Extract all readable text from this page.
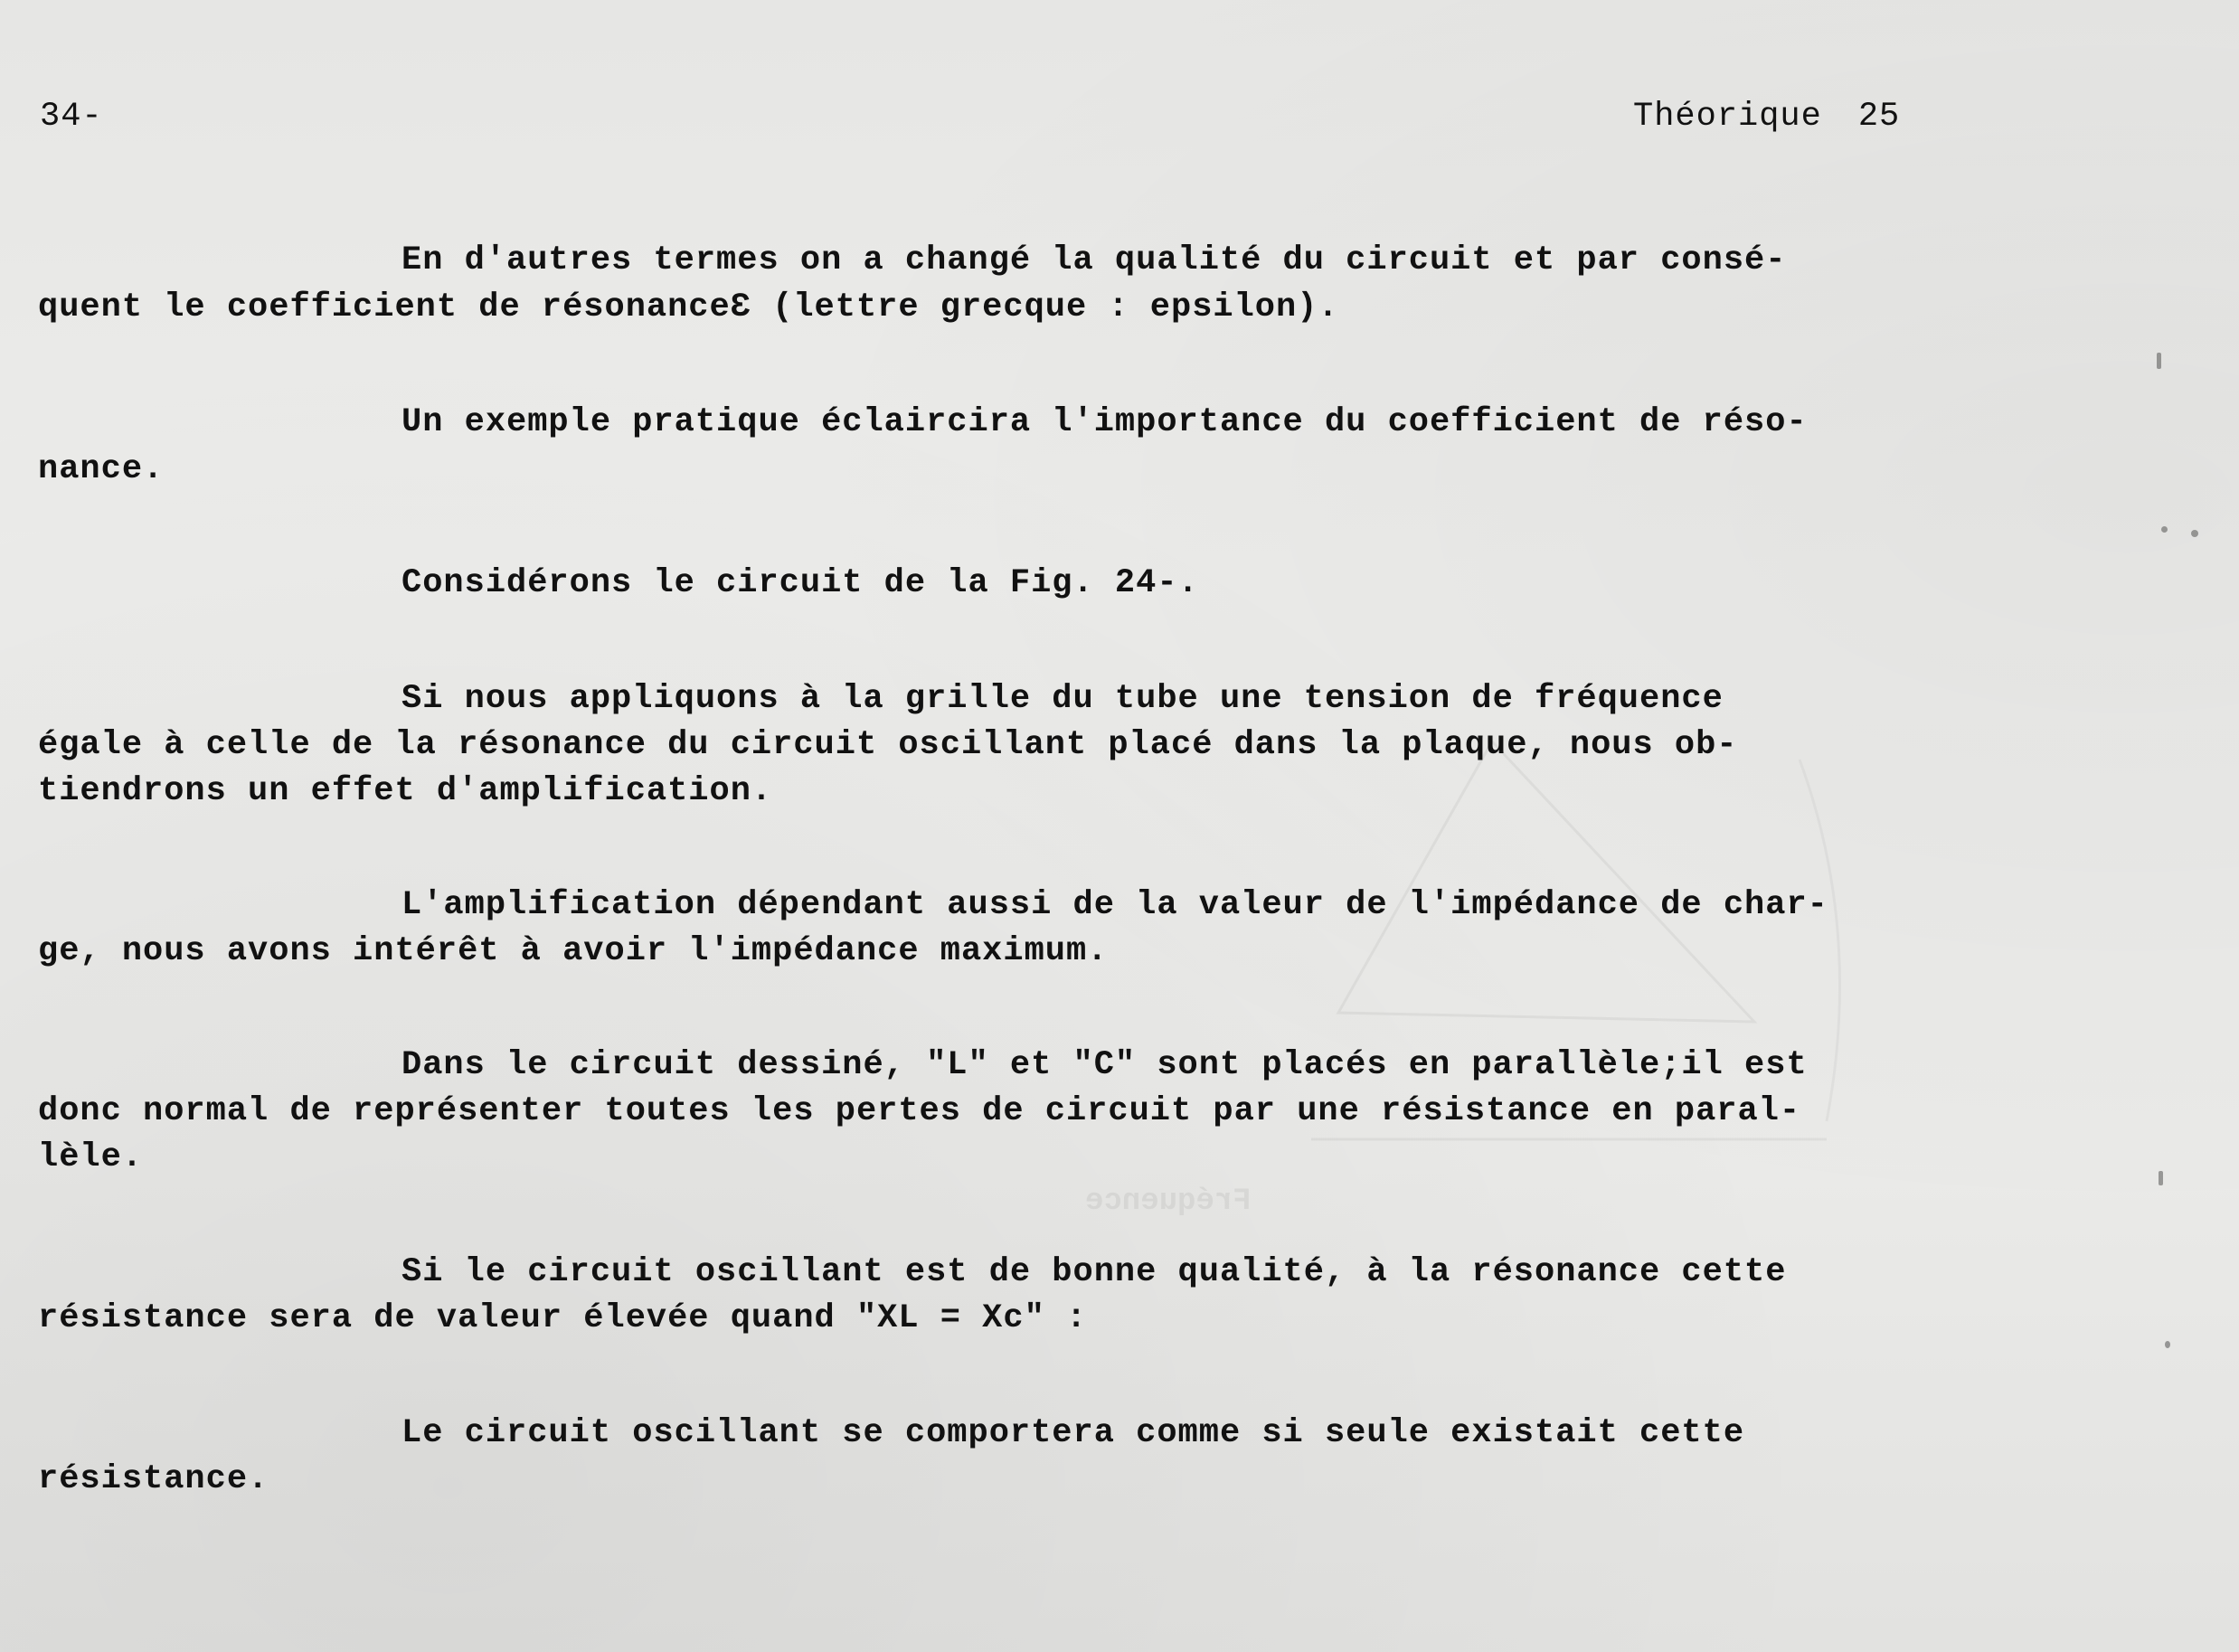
Fréquence
34-	Théorique 25
En d'autres termes on a changé la qualité du circuit et par consé-
quent le coefficient de résonanceƐ (lettre grecque : epsilon).
Un exemple pratique éclaircira l'importance du coefficient de réso-
nance.
Considérons le circuit de la Fig. 24-.
Si nous appliquons à la grille du tube une tension de fréquence
égale à celle de la résonance du circuit oscillant placé dans la plaque, nous ob-
tiendrons un effet d'amplification.
L'amplification dépendant aussi de la valeur de l'impédance de char-
ge, nous avons intérêt à avoir l'impédance maximum.
Dans le circuit dessiné, "L" et "C" sont placés en parallèle;il est
donc normal de représenter toutes les pertes de circuit par une résistance en paral-
lèle.
Si le circuit oscillant est de bonne qualité, à la résonance cette
résistance sera de valeur élevée quand "XL = Xc" :
Le circuit oscillant se comportera comme si seule existait cette
résistance.
